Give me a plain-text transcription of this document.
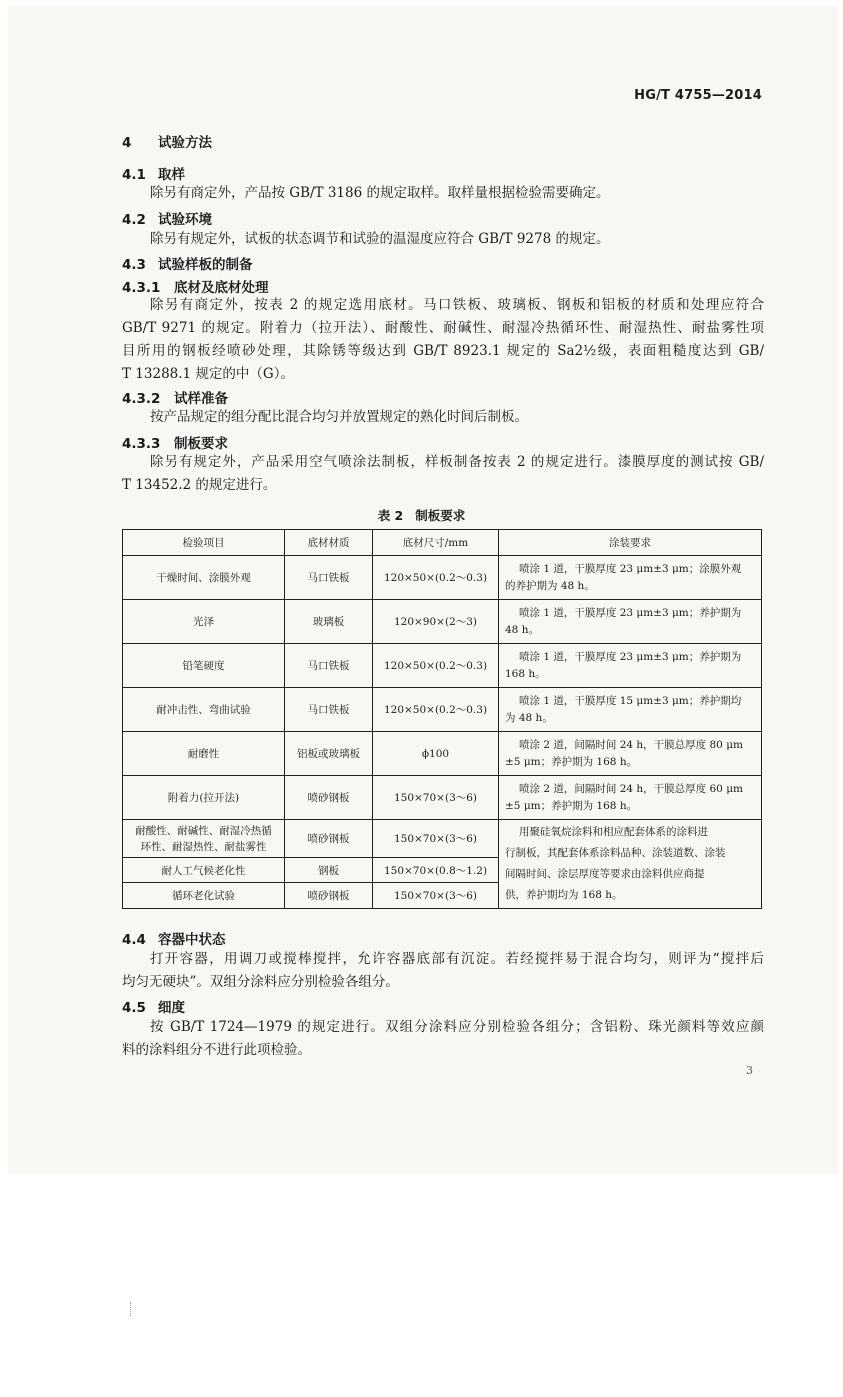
HG/T 4755—2014
4 试验方法
4.1 取样
除另有商定外，产品按 GB/T 3186 的规定取样。取样量根据检验需要确定。
4.2 试验环境
除另有规定外，试板的状态调节和试验的温湿度应符合 GB/T 9278 的规定。
4.3 试验样板的制备
4.3.1 底材及底材处理
除另有商定外，按表 2 的规定选用底材。马口铁板、玻璃板、钢板和铝板的材质和处理应符合
GB/T 9271 的规定。附着力（拉开法）、耐酸性、耐碱性、耐湿冷热循环性、耐湿热性、耐盐雾性项
目所用的钢板经喷砂处理，其除锈等级达到 GB/T 8923.1 规定的 Sa2½级，表面粗糙度达到 GB/
T 13288.1 规定的中（G）。
4.3.2 试样准备
按产品规定的组分配比混合均匀并放置规定的熟化时间后制板。
4.3.3 制板要求
除另有规定外，产品采用空气喷涂法制板，样板制备按表 2 的规定进行。漆膜厚度的测试按 GB/
T 13452.2 的规定进行。
表 2 制板要求
检验项目	底材材质	底材尺寸/mm	涂装要求
干燥时间、涂膜外观	马口铁板	120×50×(0.2～0.3)	喷涂 1 道，干膜厚度 23 μm±3 μm；涂膜外观
的养护期为 48 h。
光泽	玻璃板	120×90×(2～3)	喷涂 1 道，干膜厚度 23 μm±3 μm；养护期为
48 h。
铅笔硬度	马口铁板	120×50×(0.2～0.3)	喷涂 1 道，干膜厚度 23 μm±3 μm；养护期为
168 h。
耐冲击性、弯曲试验	马口铁板	120×50×(0.2～0.3)	喷涂 1 道，干膜厚度 15 μm±3 μm；养护期均
为 48 h。
耐磨性	铝板或玻璃板	ϕ100	喷涂 2 道，间隔时间 24 h，干膜总厚度 80 μm
±5 μm；养护期为 168 h。
附着力(拉开法)	喷砂钢板	150×70×(3～6)	喷涂 2 道，间隔时间 24 h，干膜总厚度 60 μm
±5 μm；养护期为 168 h。
耐酸性、耐碱性、耐湿冷热循
环性、耐湿热性、耐盐雾性	喷砂钢板	150×70×(3～6)	用聚硅氧烷涂料和相应配套体系的涂料进
行制板，其配套体系涂料品种、涂装道数、涂装
间隔时间、涂层厚度等要求由涂料供应商提
供，养护期均为 168 h。
耐人工气候老化性	钢板	150×70×(0.8～1.2)	
循环老化试验	喷砂钢板	150×70×(3～6)	
4.4 容器中状态
打开容器，用调刀或搅棒搅拌，允许容器底部有沉淀。若经搅拌易于混合均匀，则评为“搅拌后
均匀无硬块”。双组分涂料应分别检验各组分。
4.5 细度
按 GB/T 1724—1979 的规定进行。双组分涂料应分别检验各组分；含铝粉、珠光颜料等效应颜
料的涂料组分不进行此项检验。
3
